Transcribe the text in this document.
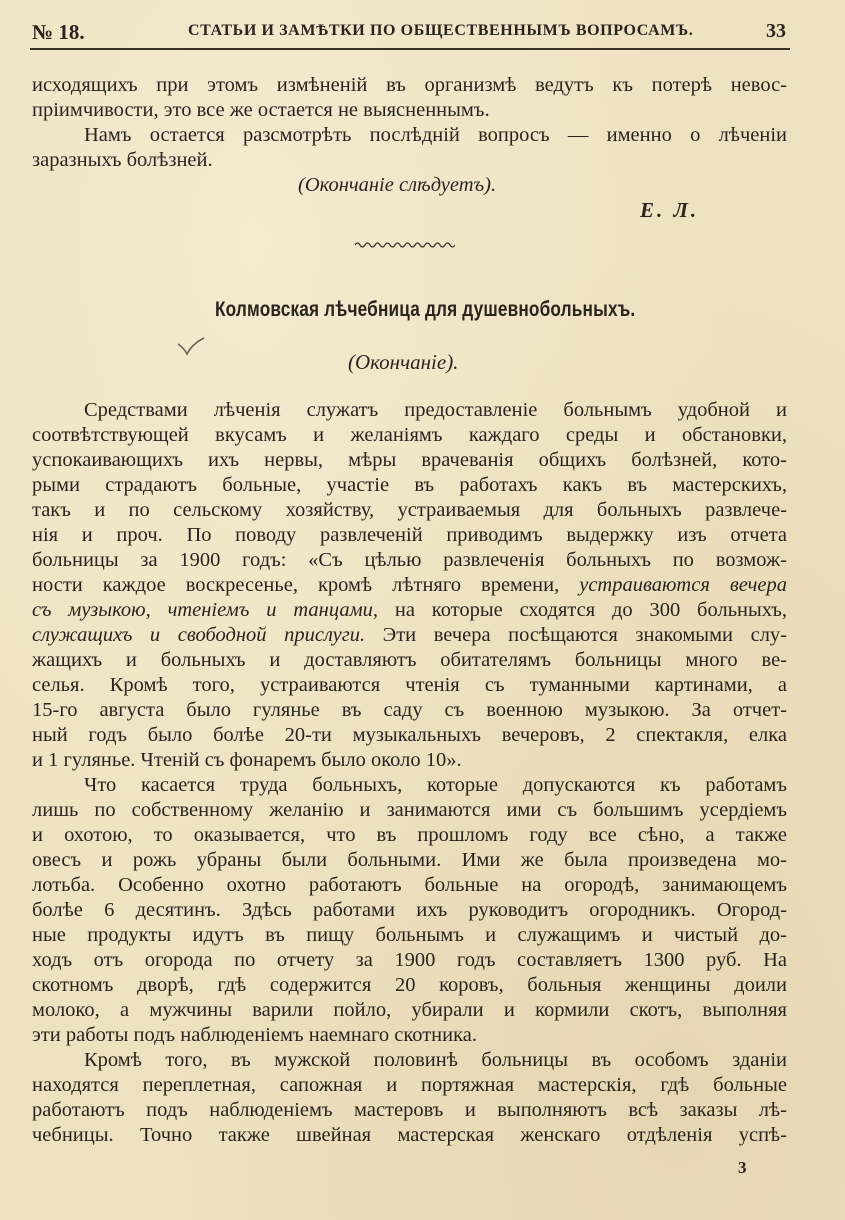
№ 18.	СТАТЬИ И ЗАМѢТКИ ПО ОБЩЕСТВЕННЫМЪ ВОПРОСАМЪ.	33
исходящихъ при этомъ измѣненій въ организмѣ ведутъ къ потерѣ невос-
пріимчивости, это все же остается не выясненнымъ.
Намъ остается разсмотрѣть послѣдній вопросъ — именно о лѣченіи
заразныхъ болѣзней.
(Окончаніе слѣдуетъ).
Е. Л.
Колмовская лѣчебница для душевнобольныхъ.
(Окончаніе).
Средствами лѣченія служатъ предоставленіе больнымъ удобной и
соотвѣтствующей вкусамъ и желаніямъ каждаго среды и обстановки,
успокаивающихъ ихъ нервы, мѣры врачеванія общихъ болѣзней, кото-
рыми страдаютъ больные, участіе въ работахъ какъ въ мастерскихъ,
такъ и по сельскому хозяйству, устраиваемыя для больныхъ развлече-
нія и проч. По поводу развлеченій приводимъ выдержку изъ отчета
больницы за 1900 годъ: «Съ цѣлью развлеченія больныхъ по возмож-
ности каждое воскресенье, кромѣ лѣтняго времени, устраиваются вечера
съ музыкою, чтеніемъ и танцами, на которые сходятся до 300 больныхъ,
служащихъ и свободной прислуги. Эти вечера посѣщаются знакомыми слу-
жащихъ и больныхъ и доставляютъ обитателямъ больницы много ве-
селья. Кромѣ того, устраиваются чтенія съ туманными картинами, а
15-го августа было гулянье въ саду съ военною музыкою. За отчет-
ный годъ было болѣе 20-ти музыкальныхъ вечеровъ, 2 спектакля, елка
и 1 гулянье. Чтеній съ фонаремъ было около 10».
Что касается труда больныхъ, которые допускаются къ работамъ
лишь по собственному желанію и занимаются ими съ большимъ усердіемъ
и охотою, то оказывается, что въ прошломъ году все сѣно, а также
овесъ и рожь убраны были больными. Ими же была произведена мо-
лотьба. Особенно охотно работаютъ больные на огородѣ, занимающемъ
болѣе 6 десятинъ. Здѣсь работами ихъ руководитъ огородникъ. Огород-
ные продукты идутъ въ пищу больнымъ и служащимъ и чистый до-
ходъ отъ огорода по отчету за 1900 годъ составляетъ 1300 руб. На
скотномъ дворѣ, гдѣ содержится 20 коровъ, больныя женщины доили
молоко, а мужчины варили пойло, убирали и кормили скотъ, выполняя
эти работы подъ наблюденіемъ наемнаго скотника.
Кромѣ того, въ мужской половинѣ больницы въ особомъ зданіи
находятся переплетная, сапожная и портяжная мастерскія, гдѣ больные
работаютъ подъ наблюденіемъ мастеровъ и выполняютъ всѣ заказы лѣ-
чебницы. Точно также швейная мастерская женскаго отдѣленія успѣ-
3
